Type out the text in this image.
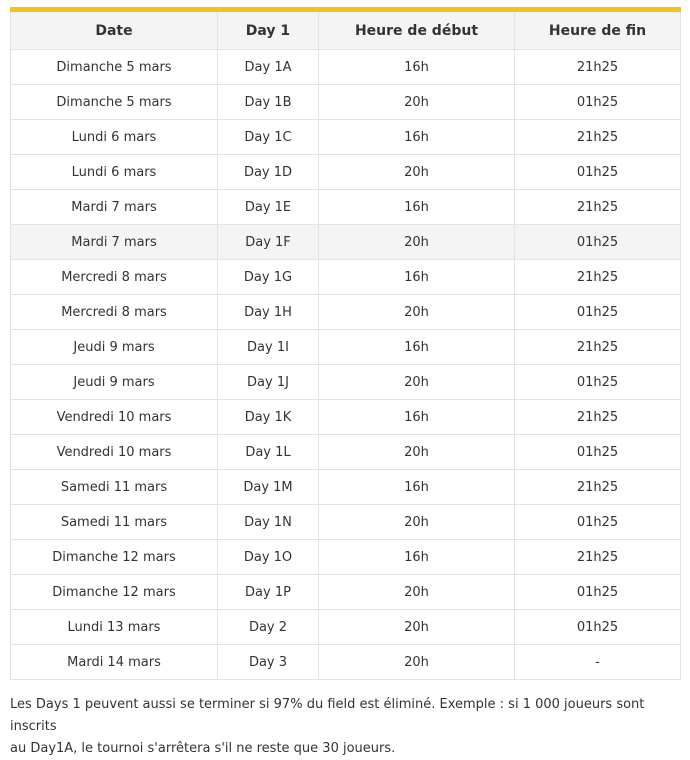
Date	Day 1	Heure de début	Heure de fin
Dimanche 5 mars	Day 1A	16h	21h25
Dimanche 5 mars	Day 1B	20h	01h25
Lundi 6 mars	Day 1C	16h	21h25
Lundi 6 mars	Day 1D	20h	01h25
Mardi 7 mars	Day 1E	16h	21h25
Mardi 7 mars	Day 1F	20h	01h25
Mercredi 8 mars	Day 1G	16h	21h25
Mercredi 8 mars	Day 1H	20h	01h25
Jeudi 9 mars	Day 1I	16h	21h25
Jeudi 9 mars	Day 1J	20h	01h25
Vendredi 10 mars	Day 1K	16h	21h25
Vendredi 10 mars	Day 1L	20h	01h25
Samedi 11 mars	Day 1M	16h	21h25
Samedi 11 mars	Day 1N	20h	01h25
Dimanche 12 mars	Day 1O	16h	21h25
Dimanche 12 mars	Day 1P	20h	01h25
Lundi 13 mars	Day 2	20h	01h25
Mardi 14 mars	Day 3	20h	-
Les Days 1 peuvent aussi se terminer si 97% du field est éliminé. Exemple : si 1 000 joueurs sont inscrits
au Day1A, le tournoi s'arrêtera s'il ne reste que 30 joueurs.
